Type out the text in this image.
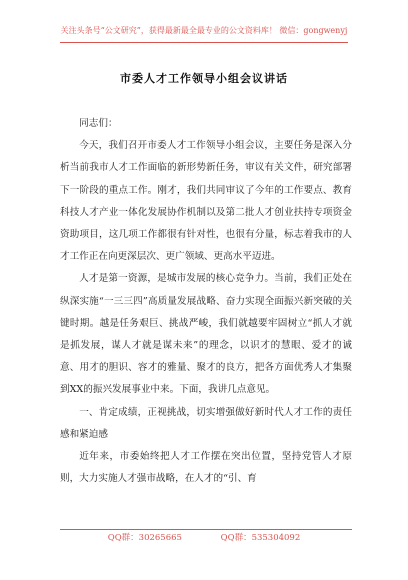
关注头条号“公文研究”，获得最新最全最专业的公文资料库！ 微信：gongwenyj
市委人才工作领导小组会议讲话

同志们：

今天，我们召开市委人才工作领导小组会议，主要任务是深入分析当前我市人才工作面临的新形势新任务，审议有关文件，研究部署下一阶段的重点工作。刚才，我们共同审议了今年的工作要点、教育科技人才产业一体化发展协作机制以及第二批人才创业扶持专项资金资助项目，这几项工作都很有针对性，也很有分量，标志着我市的人才工作正在向更深层次、更广领域、更高水平迈进。

人才是第一资源，是城市发展的核心竞争力。当前，我们正处在纵深实施“一三三四”高质量发展战略、奋力实现全面振兴新突破的关键时期。越是任务艰巨、挑战严峻，我们就越要牢固树立“抓人才就是抓发展，谋人才就是谋未来”的理念，以识才的慧眼、爱才的诚意、用才的胆识、容才的雅量、聚才的良方，把各方面优秀人才集聚到XX的振兴发展事业中来。下面，我讲几点意见。

一、肯定成绩，正视挑战，切实增强做好新时代人才工作的责任感和紧迫感

近年来，市委始终把人才工作摆在突出位置，坚持党管人才原则，大力实施人才强市战略，在人才的“引、育

QQ群：30265665	QQ群：535304092
